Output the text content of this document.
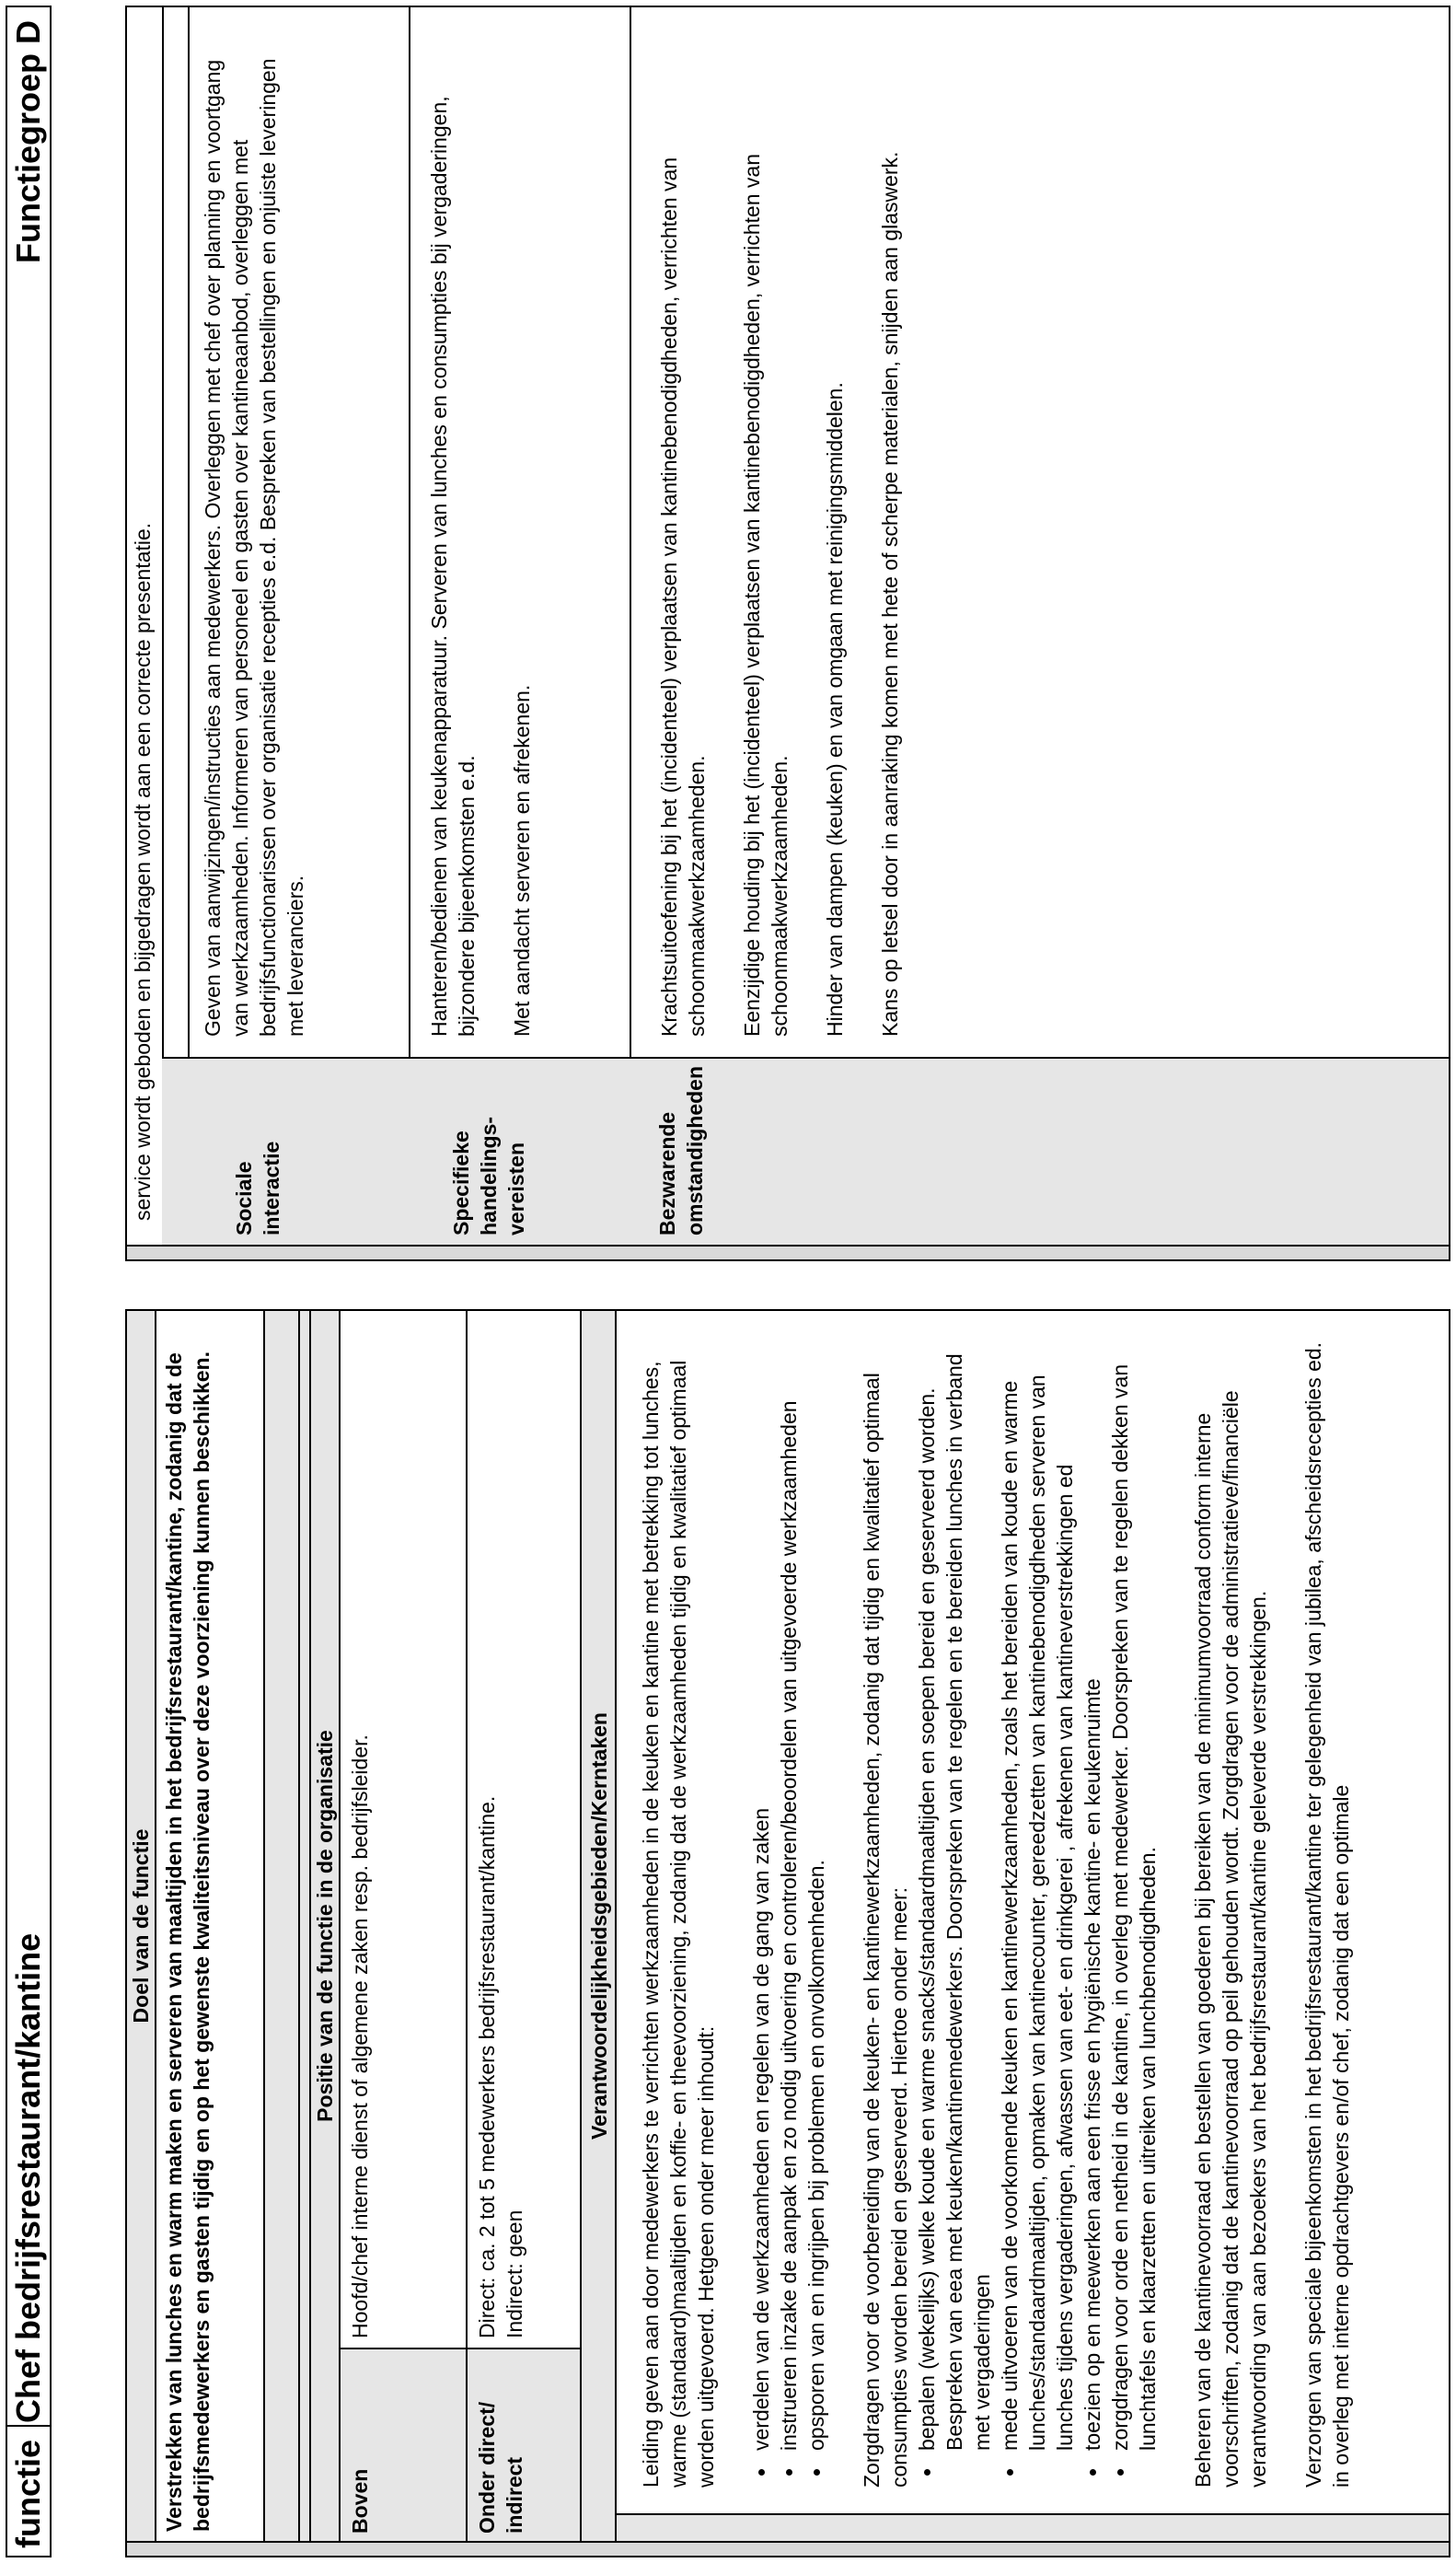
functie
Chef bedrijfsrestaurant/kantine
Functiegroep D
Doel van de functie Verstrekken van lunches en warm maken en serveren van maaltijden in het bedrijfsrestaurant/kantine, zodanig dat de bedrijfsmedewerkers en gasten tijdig en op het gewenste kwaliteitsniveau over deze voorziening kunnen beschikken.	Positie van de functie in de organisatie
Boven
Hoofd/chef interne dienst of algemene zaken resp. bedrijfsleider.
Onder direct/ indirect
Direct: ca. 2 tot 5 medewerkers bedrijfsrestaurant/kantine. Indirect: geen
Verantwoordelijkheidsgebieden/Kerntaken Leiding geven aan door medewerkers te verrichten werkzaamheden in de keuken en kantine met betrekking tot lunches, warme (standaard)maaltijden en koffie- en theevoorziening, zodanig dat de werkzaamheden tijdig en kwalitatief optimaal worden uitgevoerd. Hetgeen onder meer inhoudt: • verdelen van de werkzaamheden en regelen van de gang van zaken • instrueren inzake de aanpak en zo nodig uitvoering en controleren/beoordelen van uitgevoerde werkzaamheden • opsporen van en ingrijpen bij problemen en onvolkomenheden. Zorgdragen voor de voorbereiding van de keuken- en kantinewerkzaamheden, zodanig dat tijdig en kwalitatief optimaal consumpties worden bereid en geserveerd. Hiertoe onder meer: • bepalen (wekelijks) welke koude en warme snacks/standaardmaaltijden en soepen bereid en geserveerd worden. Bespreken van eea met keuken/kantinemedewerkers. Doorspreken van te regelen en te bereiden lunches in verband met vergaderingen • mede uitvoeren van de voorkomende keuken en kantinewerkzaamheden, zoals het bereiden van koude en warme lunches/standaardmaaltijden, opmaken van kantinecounter, gereedzetten van kantinebenodigdheden serveren van lunches tijdens vergaderingen, afwassen van eet- en drinkgerei , afrekenen van kantineverstrekkingen ed • toezien op en meewerken aan een frisse en hygiënische kantine- en keukenruimte • zorgdragen voor orde en netheid in de kantine, in overleg met medewerker. Doorspreken van te regelen dekken van lunchtafels en klaarzetten en uitreiken van lunchbenodigdheden. Beheren van de kantinevoorraad en bestellen van goederen bij bereiken van de minimumvoorraad conform interne voorschriften, zodanig dat de kantinevoorraad op peil gehouden wordt. Zorgdragen voor de administratieve/financiële verantwoording van aan bezoekers van het bedrijfsrestaurant/kantine geleverde verstrekkingen. Verzorgen van speciale bijeenkomsten in het bedrijfsrestaurant/kantine ter gelegenheid van jubilea, afscheidsrecepties ed. in overleg met interne opdrachtgevers en/of chef, zodanig dat een optimale

service wordt geboden en bijgedragen wordt aan een correcte presentatie.	Sociale interactie
Geven van aanwijzingen/instructies aan medewerkers. Overleggen met chef over planning en voortgang van werkzaamheden. Informeren van personeel en gasten over kantineaanbod, overleggen met bedrijfsfunctionarissen over organisatie recepties e.d. Bespreken van bestellingen en onjuiste leveringen met leveranciers.
Specifieke handelings-vereisten

Hanteren/bedienen van keukenapparatuur. Serveren van lunches en consumpties bij vergaderingen, bijzondere bijeenkomsten e.d. Met aandacht serveren en afrekenen.

Bezwarende omstandigheden

Krachtsuitoefening bij het (incidenteel) verplaatsen van kantinebenodigdheden, verrichten van schoonmaakwerkzaamheden. Eenzijdige houding bij het (incidenteel) verplaatsen van kantinebenodigdheden, verrichten van schoonmaakwerkzaamheden. Hinder van dampen (keuken) en van omgaan met reinigingsmiddelen. Kans op letsel door in aanraking komen met hete of scherpe materialen, snijden aan glaswerk.
